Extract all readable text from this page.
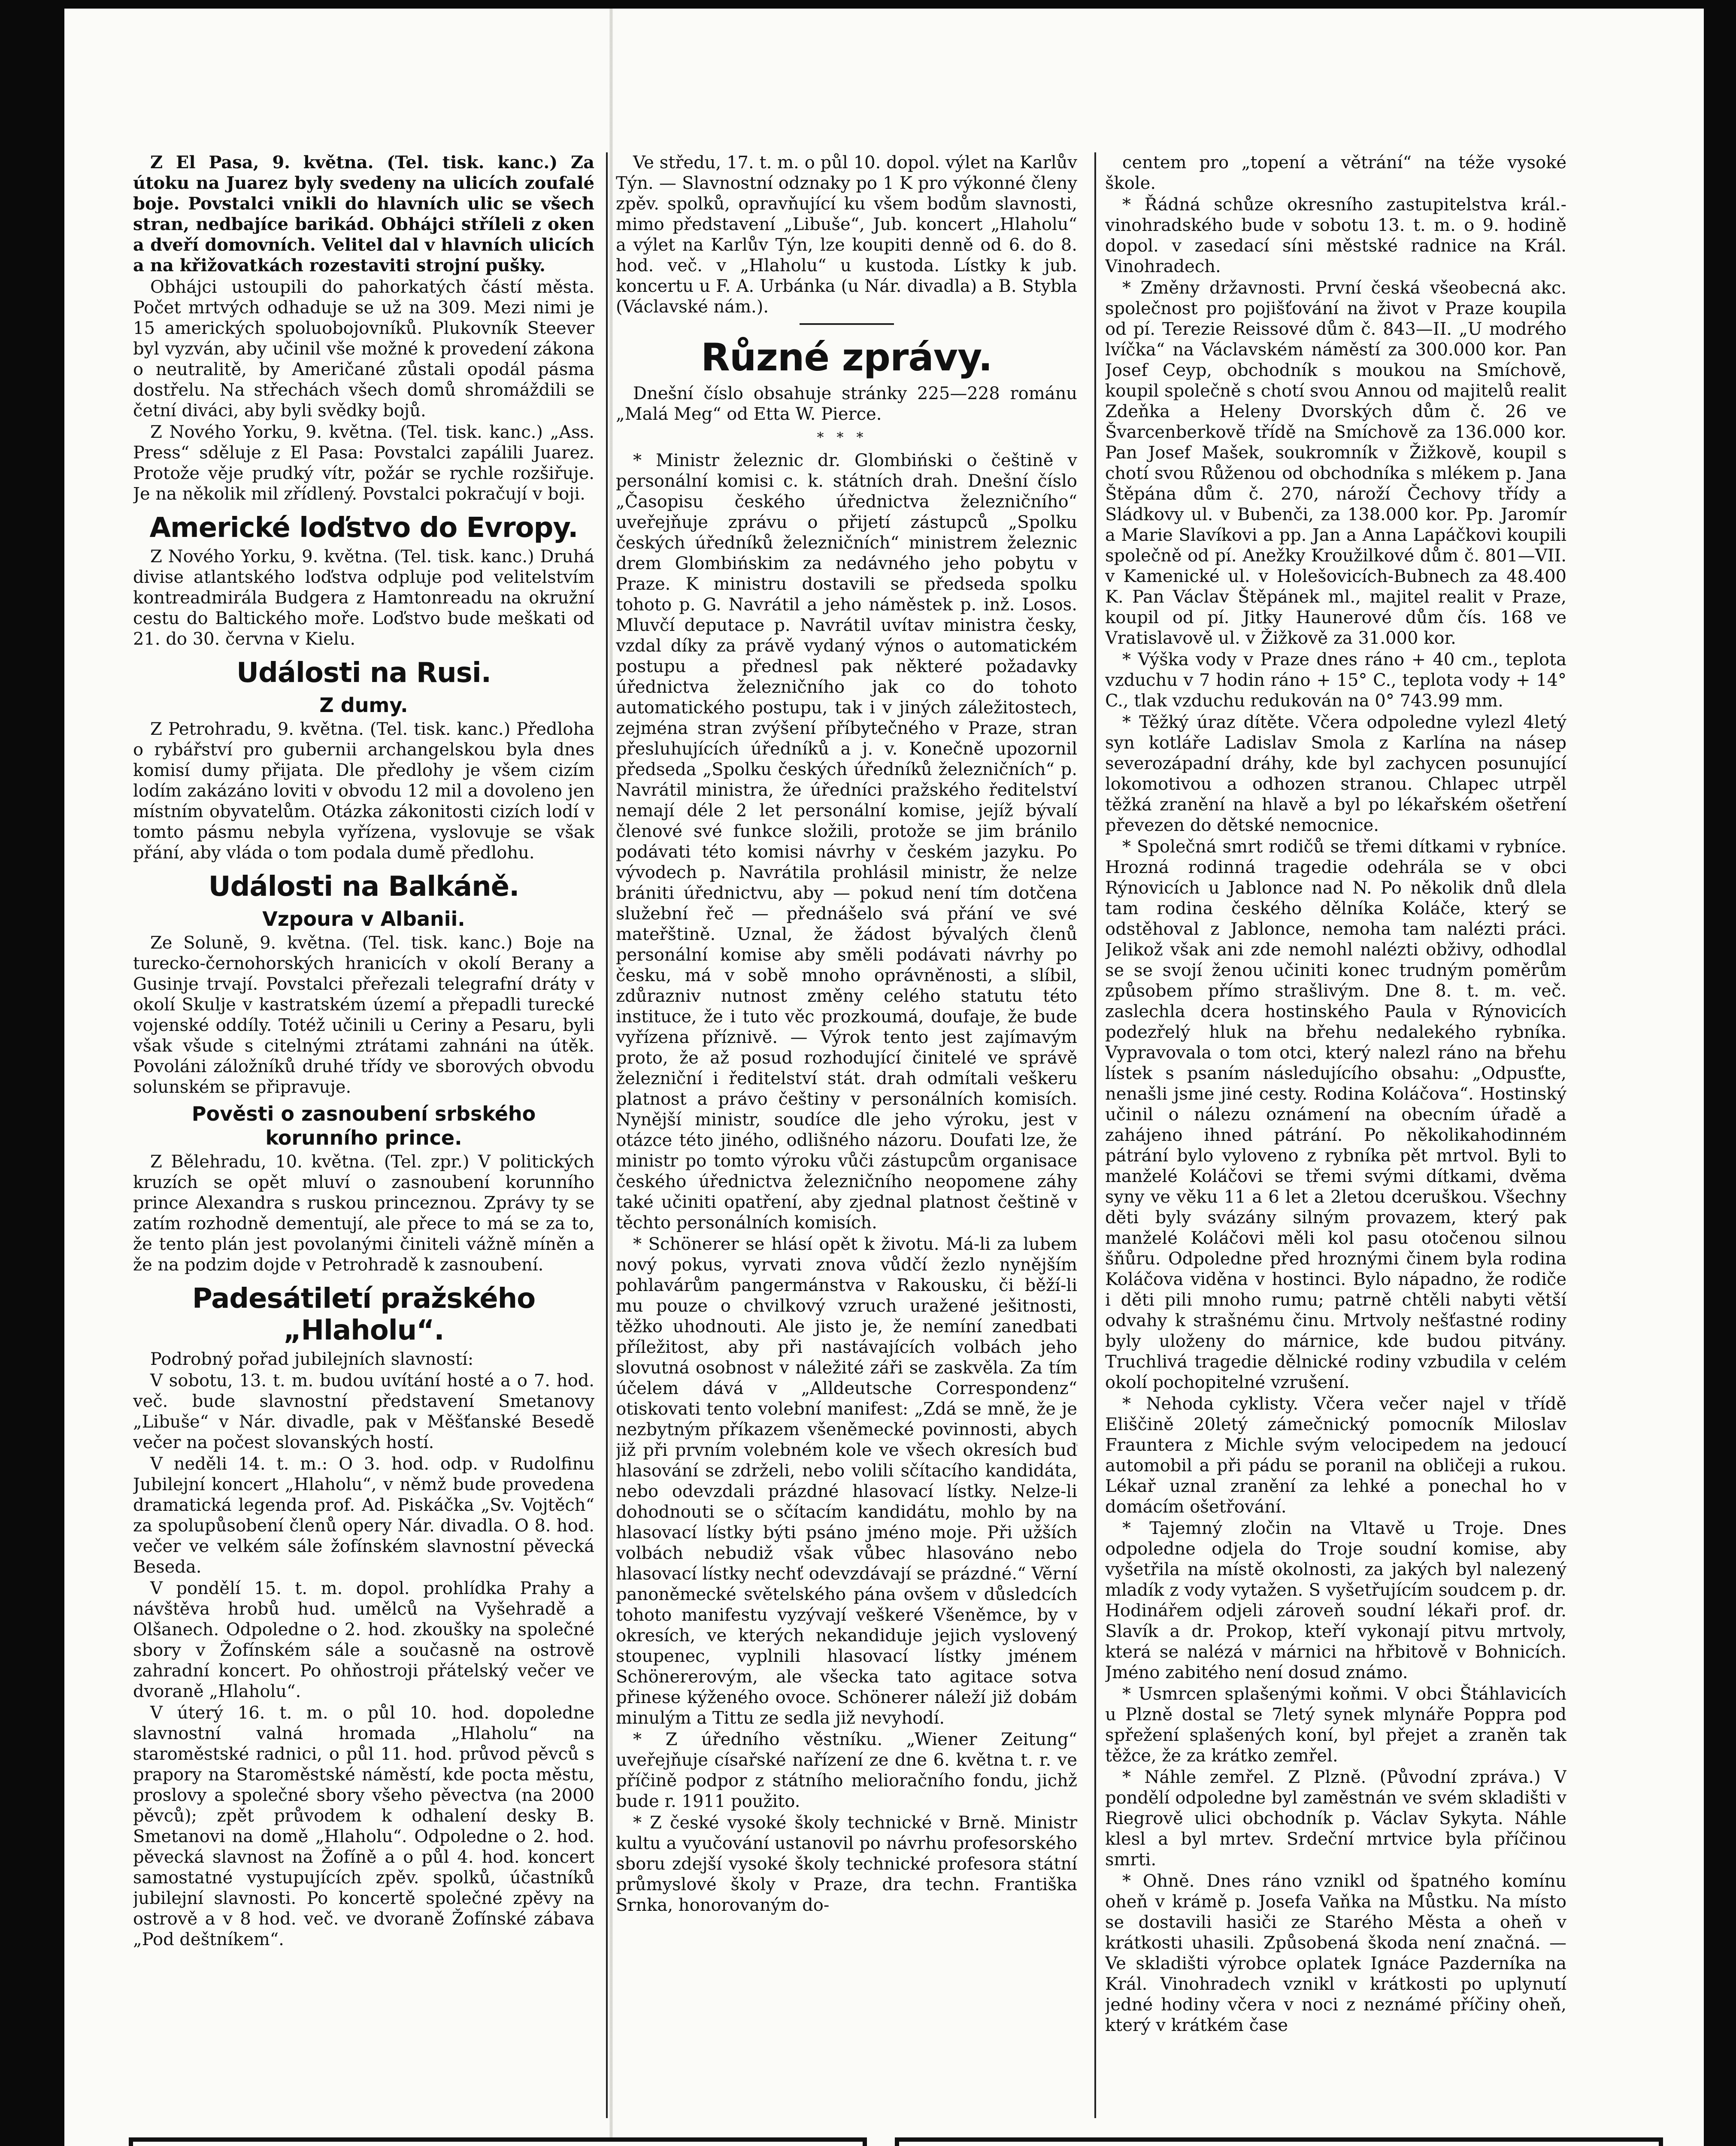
Z El Pasa, 9. května. (Tel. tisk. kanc.) Za útoku na Juarez byly svedeny na ulicích zoufalé boje. Povstalci vnikli do hlavních ulic se všech stran, nedbajíce barikád. Obhájci stříleli z oken a dveří domovních. Velitel dal v hlavních ulicích a na křižovatkách rozestaviti strojní pušky.

Obhájci ustoupili do pahorkatých částí města. Počet mrtvých odhaduje se už na 309. Mezi nimi je 15 amerických spoluobojovníků. Plukovník Steever byl vyzván, aby učinil vše možné k provedení zákona o neutralitě, by Američané zůstali opodál pásma dostřelu. Na střechách všech domů shromáždili se četní diváci, aby byli svědky bojů.

Z Nového Yorku, 9. května. (Tel. tisk. kanc.) „Ass. Press“ sděluje z El Pasa: Povstalci zapálili Juarez. Protože věje prudký vítr, požár se rychle rozšiřuje. Je na několik mil zřídlený. Povstalci pokračují v boji.

Americké loďstvo do Evropy.

Z Nového Yorku, 9. května. (Tel. tisk. kanc.) Druhá divise atlantského loďstva odpluje pod velitelstvím kontreadmirála Budgera z Hamtonreadu na okružní cestu do Baltického moře. Loďstvo bude meškati od 21. do 30. června v Kielu.

Události na Rusi.
Z dumy.

Z Petrohradu, 9. května. (Tel. tisk. kanc.) Předloha o rybářství pro gubernii archangelskou byla dnes komisí dumy přijata. Dle předlohy je všem cizím lodím zakázáno loviti v obvodu 12 mil a dovoleno jen místním obyvatelům. Otázka zákonitosti cizích lodí v tomto pásmu nebyla vyřízena, vyslovuje se však přání, aby vláda o tom podala dumě předlohu.

Události na Balkáně.
Vzpoura v Albanii.

Ze Soluně, 9. května. (Tel. tisk. kanc.) Boje na turecko-černohorských hranicích v okolí Berany a Gusinje trvají. Povstalci přeřezali telegrafní dráty v okolí Skulje v kastratském území a přepadli turecké vojenské oddíly. Totéž učinili u Ceriny a Pesaru, byli však všude s citelnými ztrátami zahnáni na útěk. Povoláni záložníků druhé třídy ve sborových obvodu solunském se připravuje.

Pověsti o zasnoubení srbského korunního prince.

Z Bělehradu, 10. května. (Tel. zpr.) V politických kruzích se opět mluví o zasnoubení korunního prince Alexandra s ruskou princeznou. Zprávy ty se zatím rozhodně dementují, ale přece to má se za to, že tento plán jest povolanými činiteli vážně míněn a že na podzim dojde v Petrohradě k zasnoubení.

Padesátiletí pražského „Hlaholu“.

Podrobný pořad jubilejních slavností:

V sobotu, 13. t. m. budou uvítání hosté a o 7. hod. več. bude slavnostní představení Smetanovy „Libuše“ v Nár. divadle, pak v Měšťanské Besedě večer na počest slovanských hostí.

V neděli 14. t. m.: O 3. hod. odp. v Rudolfinu Jubilejní koncert „Hlaholu“, v němž bude provedena dramatická legenda prof. Ad. Piskáčka „Sv. Vojtěch“ za spolupůsobení členů opery Nár. divadla. O 8. hod. večer ve velkém sále žofínském slavnostní pěvecká Beseda.

V pondělí 15. t. m. dopol. prohlídka Prahy a návštěva hrobů hud. umělců na Vyšehradě a Olšanech. Odpoledne o 2. hod. zkoušky na společné sbory v Žofínském sále a současně na ostrově zahradní koncert. Po ohňostroji přátelský večer ve dvoraně „Hlaholu“.

V úterý 16. t. m. o půl 10. hod. dopoledne slavnostní valná hromada „Hlaholu“ na staroměstské radnici, o půl 11. hod. průvod pěvců s prapory na Staroměstské náměstí, kde pocta městu, proslovy a společné sbory všeho pěvectva (na 2000 pěvců); zpět průvodem k odhalení desky B. Smetanovi na domě „Hlaholu“. Odpoledne o 2. hod. pěvecká slavnost na Žofíně a o půl 4. hod. koncert samostatné vystupujících zpěv. spolků, účastníků jubilejní slavnosti. Po koncertě společné zpěvy na ostrově a v 8 hod. več. ve dvoraně Žofínské zábava „Pod deštníkem“.

Ve středu, 17. t. m. o půl 10. dopol. výlet na Karlův Týn. — Slavnostní odznaky po 1 K pro výkonné členy zpěv. spolků, opravňující ku všem bodům slavnosti, mimo představení „Libuše“, Jub. koncert „Hlaholu“ a výlet na Karlův Týn, lze koupiti denně od 6. do 8. hod. več. v „Hlaholu“ u kustoda. Lístky k jub. koncertu u F. A. Urbánka (u Nár. divadla) a B. Stybla (Václavské nám.).

Různé zprávy.

Dnešní číslo obsahuje stránky 225—228 románu „Malá Meg“ od Etta W. Pierce.

***

* Ministr železnic dr. Glombiński o češtině v personální komisi c. k. státních drah. Dnešní číslo „Časopisu českého úřednictva železničního“ uveřejňuje zprávu o přijetí zástupců „Spolku českých úředníků železničních“ ministrem železnic drem Glombińskim za nedávného jeho pobytu v Praze. K ministru dostavili se předseda spolku tohoto p. G. Navrátil a jeho náměstek p. inž. Losos. Mluvčí deputace p. Navrátil uvítav ministra česky, vzdal díky za právě vydaný výnos o automatickém postupu a přednesl pak některé požadavky úřednictva železničního jak co do tohoto automatického postupu, tak i v jiných záležitostech, zejména stran zvýšení příbytečného v Praze, stran přesluhujících úředníků a j. v. Konečně upozornil předseda „Spolku českých úředníků železničních“ p. Navrátil ministra, že úředníci pražského ředitelství nemají déle 2 let personální komise, jejíž bývalí členové své funkce složili, protože se jim bránilo podávati této komisi návrhy v českém jazyku. Po vývodech p. Navrátila prohlásil ministr, že nelze brániti úřednictvu, aby — pokud není tím dotčena služební řeč — přednášelo svá přání ve své mateřštině. Uznal, že žádost bývalých členů personální komise aby směli podávati návrhy po česku, má v sobě mnoho oprávněnosti, a slíbil, zdůrazniv nutnost změny celého statutu této instituce, že i tuto věc prozkoumá, doufaje, že bude vyřízena příznivě. — Výrok tento jest zajímavým proto, že až posud rozhodující činitelé ve správě železniční i ředitelství stát. drah odmítali veškeru platnost a právo češtiny v personálních komisích. Nynější ministr, soudíce dle jeho výroku, jest v otázce této jiného, odlišného názoru. Doufati lze, že ministr po tomto výroku vůči zástupcům organisace českého úřednictva železničního neopomene záhy také učiniti opatření, aby zjednal platnost češtině v těchto personálních komisích.

* Schönerer se hlásí opět k životu. Má-li za lubem nový pokus, vyrvati znova vůdčí žezlo nynějším pohlavárům pangermánstva v Rakousku, či běží-li mu pouze o chvilkový vzruch uražené ješitnosti, těžko uhodnouti. Ale jisto je, že nemíní zanedbati příležitost, aby při nastávajících volbách jeho slovutná osobnost v náležité záři se zaskvěla. Za tím účelem dává v „Alldeutsche Correspondenz“ otiskovati tento volební manifest: „Zdá se mně, že je nezbytným příkazem všeněmecké povinnosti, abych již při prvním volebném kole ve všech okresích buď hlasování se zdrželi, nebo volili sčítacího kandidáta, nebo odevzdali prázdné hlasovací lístky. Nelze-li dohodnouti se o sčítacím kandidátu, mohlo by na hlasovací lístky býti psáno jméno moje. Při užších volbách nebudiž však vůbec hlasováno nebo hlasovací lístky nechť odevzdávají se prázdné.“ Věrní panoněmecké světelského pána ovšem v důsledcích tohoto manifestu vyzývají veškeré Všeněmce, by v okresích, ve kterých nekandiduje jejich vyslovený stoupenec, vyplnili hlasovací lístky jménem Schönererovým, ale všecka tato agitace sotva přinese kýženého ovoce. Schönerer náleží již dobám minulým a Tittu ze sedla již nevyhodí.

* Z úředního věstníku. „Wiener Zeitung“ uveřejňuje císařské nařízení ze dne 6. května t. r. ve příčině podpor z státního melioračního fondu, jichž bude r. 1911 použito.

* Z české vysoké školy technické v Brně. Ministr kultu a vyučování ustanovil po návrhu profesorského sboru zdejší vysoké školy technické profesora státní průmyslové školy v Praze, dra techn. Františka Srnka, honorovaným do-

centem pro „topení a větrání“ na téže vysoké škole.

* Řádná schůze okresního zastupitelstva král.-vinohradského bude v sobotu 13. t. m. o 9. hodině dopol. v zasedací síni městské radnice na Král. Vinohradech.

* Změny državnosti. První česká všeobecná akc. společnost pro pojišťování na život v Praze koupila od pí. Terezie Reissové dům č. 843—II. „U modrého lvíčka“ na Václavském náměstí za 300.000 kor. Pan Josef Ceyp, obchodník s moukou na Smíchově, koupil společně s chotí svou Annou od majitelů realit Zdeňka a Heleny Dvorských dům č. 26 ve Švarcenberkově třídě na Smíchově za 136.000 kor. Pan Josef Mašek, soukromník v Žižkově, koupil s chotí svou Růženou od obchodníka s mlékem p. Jana Štěpána dům č. 270, nároží Čechovy třídy a Sládkovy ul. v Bubenči, za 138.000 kor. Pp. Jaromír a Marie Slavíkovi a pp. Jan a Anna Lapáčkovi koupili společně od pí. Anežky Kroužilkové dům č. 801—VII. v Kamenické ul. v Holešovicích-Bubnech za 48.400 K. Pan Václav Štěpánek ml., majitel realit v Praze, koupil od pí. Jitky Haunerové dům čís. 168 ve Vratislavově ul. v Žižkově za 31.000 kor.

* Výška vody v Praze dnes ráno + 40 cm., teplota vzduchu v 7 hodin ráno + 15° C., teplota vody + 14° C., tlak vzduchu redukován na 0° 743.99 mm.

* Těžký úraz dítěte. Včera odpoledne vylezl 4letý syn kotláře Ladislav Smola z Karlína na násep severozápadní dráhy, kde byl zachycen posunující lokomotivou a odhozen stranou. Chlapec utrpěl těžká zranění na hlavě a byl po lékařském ošetření převezen do dětské nemocnice.

* Společná smrt rodičů se třemi dítkami v rybníce. Hrozná rodinná tragedie odehrála se v obci Rýnovicích u Jablonce nad N. Po několik dnů dlela tam rodina českého dělníka Koláče, který se odstěhoval z Jablonce, nemoha tam nalézti práci. Jelikož však ani zde nemohl nalézti obživy, odhodlal se se svojí ženou učiniti konec trudným poměrům způsobem přímo strašlivým. Dne 8. t. m. več. zaslechla dcera hostinského Paula v Rýnovicích podezřelý hluk na břehu nedalekého rybníka. Vypravovala o tom otci, který nalezl ráno na břehu lístek s psaním následujícího obsahu: „Odpusťte, nenašli jsme jiné cesty. Rodina Koláčova“. Hostinský učinil o nálezu oznámení na obecním úřadě a zahájeno ihned pátrání. Po několikahodinném pátrání bylo vyloveno z rybníka pět mrtvol. Byli to manželé Koláčovi se třemi svými dítkami, dvěma syny ve věku 11 a 6 let a 2letou dceruškou. Všechny děti byly svázány silným provazem, který pak manželé Koláčovi měli kol pasu otočenou silnou šňůru. Odpoledne před hroznými činem byla rodina Koláčova viděna v hostinci. Bylo nápadno, že rodiče i děti pili mnoho rumu; patrně chtěli nabyti větší odvahy k strašnému činu. Mrtvoly nešťastné rodiny byly uloženy do márnice, kde budou pitvány. Truchlivá tragedie dělnické rodiny vzbudila v celém okolí pochopitelné vzrušení.

* Nehoda cyklisty. Včera večer najel v třídě Eliščině 20letý zámečnický pomocník Miloslav Frauntera z Michle svým velocipedem na jedoucí automobil a při pádu se poranil na obličeji a rukou. Lékař uznal zranění za lehké a ponechal ho v domácím ošetřování.

* Tajemný zločin na Vltavě u Troje. Dnes odpoledne odjela do Troje soudní komise, aby vyšetřila na místě okolnosti, za jakých byl nalezený mladík z vody vytažen. S vyšetřujícím soudcem p. dr. Hodinářem odjeli zároveň soudní lékaři prof. dr. Slavík a dr. Prokop, kteří vykonají pitvu mrtvoly, která se nalézá v márnici na hřbitově v Bohnicích. Jméno zabitého není dosud známo.

* Usmrcen splašenými koňmi. V obci Štáhlavicích u Plzně dostal se 7letý synek mlynáře Poppra pod spřežení splašených koní, byl přejet a zraněn tak těžce, že za krátko zemřel.

* Náhle zemřel. Z Plzně. (Původní zpráva.) V pondělí odpoledne byl zaměstnán ve svém skladišti v Riegrově ulici obchodník p. Václav Sykyta. Náhle klesl a byl mrtev. Srdeční mrtvice byla příčinou smrti.

* Ohně. Dnes ráno vznikl od špatného komínu oheň v krámě p. Josefa Vaňka na Můstku. Na místo se dostavili hasiči ze Starého Města a oheň v krátkosti uhasili. Způsobená škoda není značná. — Ve skladišti výrobce oplatek Ignáce Pazderníka na Král. Vinohradech vznikl v krátkosti po uplynutí jedné hodiny včera v noci z neznámé příčiny oheň, který v krátkém čase
